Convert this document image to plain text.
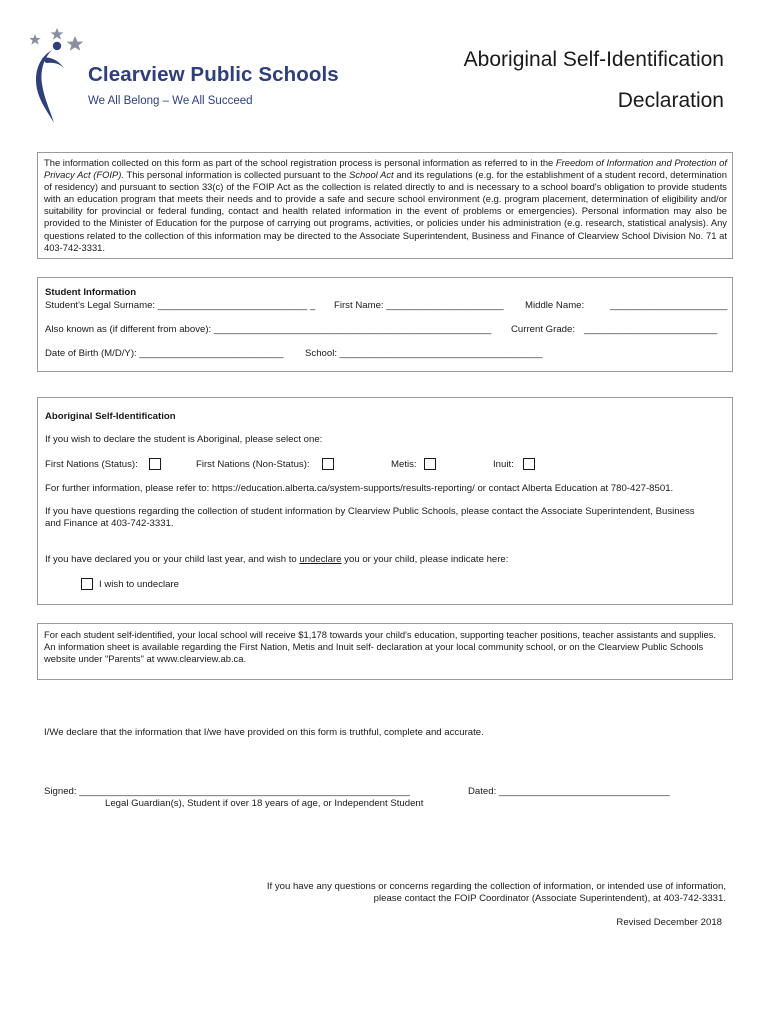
Clearview Public Schools
We All Belong – We All Succeed
Aboriginal Self-Identification
Declaration
The information collected on this form as part of the school registration process is personal information as referred to in the Freedom of Information and Protection of Privacy Act (FOIP). This personal information is collected pursuant to the School Act and its regulations (e.g. for the establishment of a student record, determination of residency) and pursuant to section 33(c) of the FOIP Act as the collection is related directly to and is necessary to a school board's obligation to provide students with an education program that meets their needs and to provide a safe and secure school environment (e.g. program placement, determination of eligibility and/or suitability for provincial or federal funding, contact and health related information in the event of problems or emergencies). Personal information may also be provided to the Minister of Education for the purpose of carrying out programs, activities, or policies under his administration (e.g. research, statistical analysis). Any questions related to the collection of this information may be directed to the Associate Superintendent, Business and Finance of Clearview School Division No. 71 at 403-742-3331.
Student Information
Student's Legal Surname: ____________________________ _ First Name: ______________________ Middle Name:	______________________
Also known as (if different from above): ____________________________________________________ Current Grade: _________________________
Date of Birth (M/D/Y): ___________________________ School: ______________________________________
Aboriginal Self-Identification
If you wish to declare the student is Aboriginal, please select one:
First Nations (Status):	First Nations (Non-Status):	Metis:	Inuit:
For further information, please refer to: https://education.alberta.ca/system-supports/results-reporting/ or contact Alberta Education at 780-427-8501.
If you have questions regarding the collection of student information by Clearview Public Schools, please contact the Associate Superintendent, Business and Finance at 403-742-3331.
If you have declared you or your child last year, and wish to undeclare you or your child, please indicate here:
I wish to undeclare
For each student self-identified, your local school will receive $1,178 towards your child's education, supporting teacher positions, teacher assistants and supplies. An information sheet is available regarding the First Nation, Metis and Inuit self- declaration at your local community school, or on the Clearview Public Schools website under "Parents" at www.clearview.ab.ca.
I/We declare that the information that I/we have provided on this form is truthful, complete and accurate.
Signed: ______________________________________________________________
Legal Guardian(s), Student if over 18 years of age, or Independent Student
Dated: ________________________________
If you have any questions or concerns regarding the collection of information, or intended use of information,
please contact the FOIP Coordinator (Associate Superintendent), at 403-742-3331.
Revised December 2018
